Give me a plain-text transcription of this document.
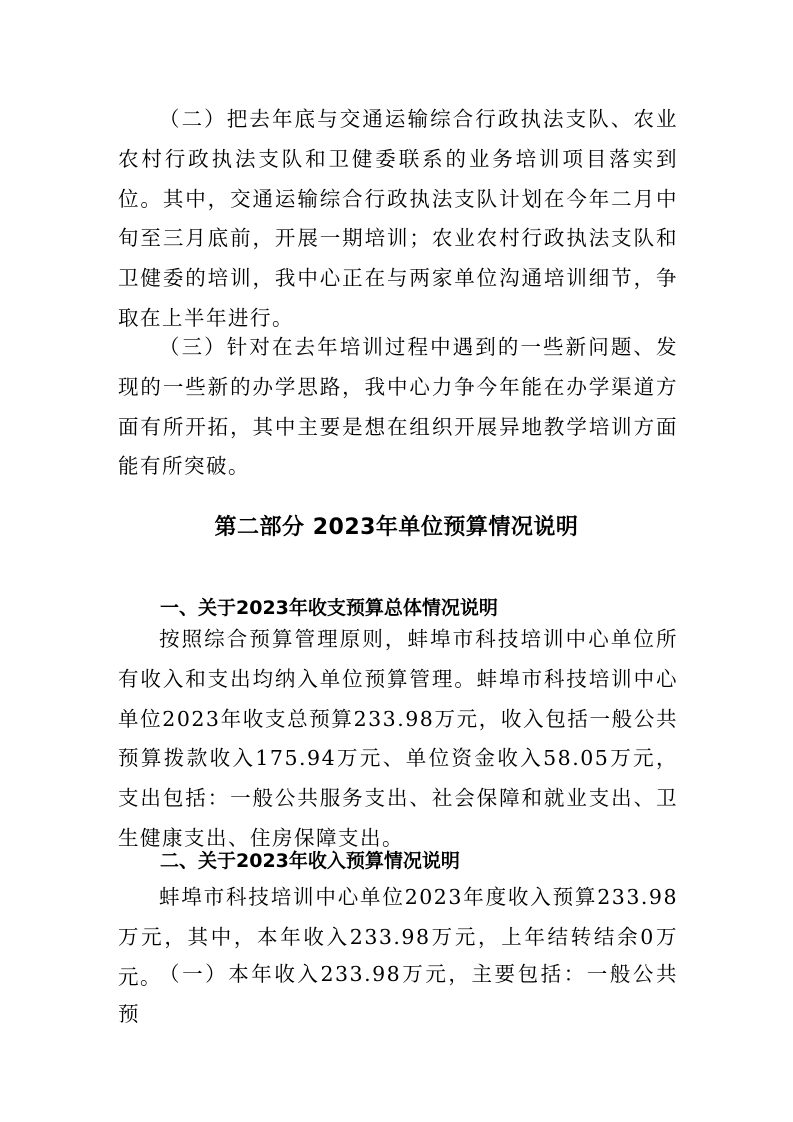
（二）把去年底与交通运输综合行政执法支队、农业农村行政执法支队和卫健委联系的业务培训项目落实到位。其中，交通运输综合行政执法支队计划在今年二月中旬至三月底前，开展一期培训；农业农村行政执法支队和卫健委的培训，我中心正在与两家单位沟通培训细节，争取在上半年进行。

（三）针对在去年培训过程中遇到的一些新问题、发现的一些新的办学思路，我中心力争今年能在办学渠道方面有所开拓，其中主要是想在组织开展异地教学培训方面能有所突破。

第二部分 2023年单位预算情况说明
一、关于2023年收支预算总体情况说明

按照综合预算管理原则，蚌埠市科技培训中心单位所有收入和支出均纳入单位预算管理。蚌埠市科技培训中心单位2023年收支总预算233.98万元，收入包括一般公共预算拨款收入175.94万元、单位资金收入58.05万元，支出包括：一般公共服务支出、社会保障和就业支出、卫生健康支出、住房保障支出。

二、关于2023年收入预算情况说明

蚌埠市科技培训中心单位2023年度收入预算233.98万元，其中，本年收入233.98万元，上年结转结余0万元。

（一）本年收入233.98万元，主要包括：一般公共预
